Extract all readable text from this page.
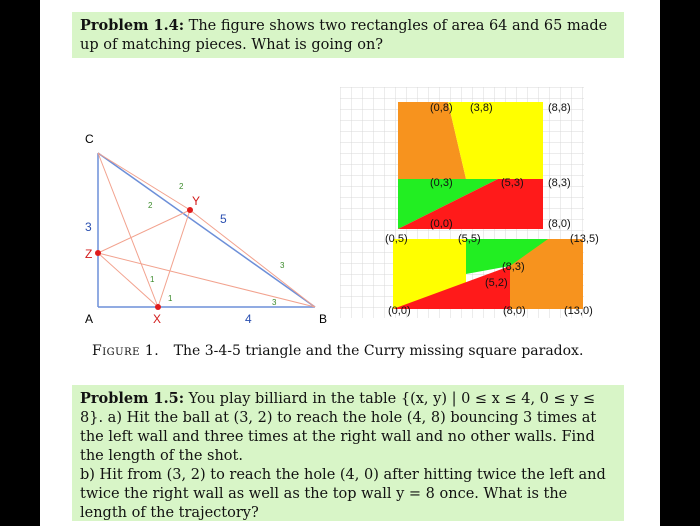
Problem 1.4: The figure shows two rectangles of area 64 and 65 made up of matching pieces. What is going on?
C
A	B
Y
Z
X
3
4
5
2
2
3
3
1
1
(0,8) (3,8)	(8,8)
(0,3)	(5,3) (8,3)
(0,0)	(8,0)
(0,5)	(5,5)	(13,5)
(8,3)
(5,2)
(0,0)	(8,0)	(13,0)
Figure 1. The 3-4-5 triangle and the Curry missing square paradox.
Problem 1.5: You play billiard in the table {(x, y) | 0 ≤ x ≤ 4, 0 ≤ y ≤ 8}. a) Hit the ball at (3, 2) to reach the hole (4, 8) bouncing 3 times at the left wall and three times at the right wall and no other walls. Find the length of the shot.
b) Hit from (3, 2) to reach the hole (4, 0) after hitting twice the left and twice the right wall as well as the top wall y = 8 once. What is the length of the trajectory?
